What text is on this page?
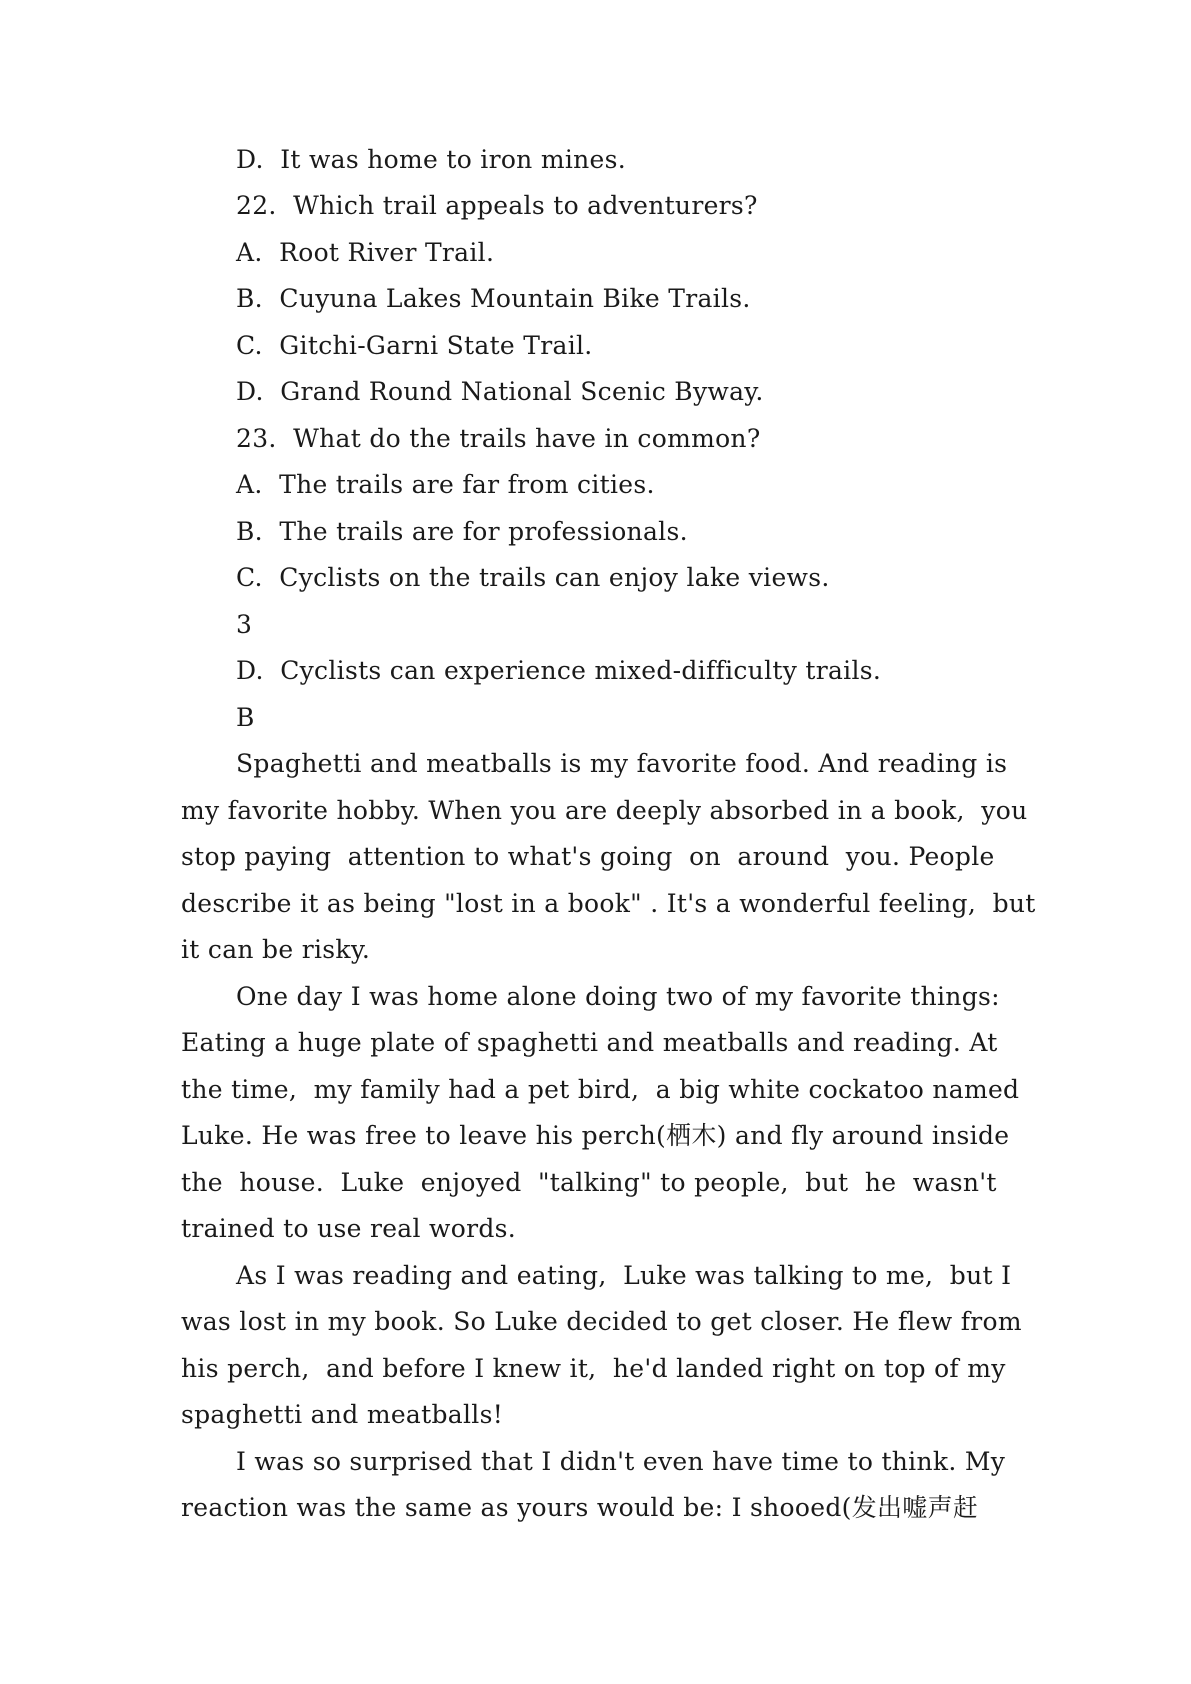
D.  It was home to iron mines.
22.  Which trail appeals to adventurers?
A.  Root River Trail.
B.  Cuyuna Lakes Mountain Bike Trails.
C.  Gitchi-Garni State Trail.
D.  Grand Round National Scenic Byway.
23.  What do the trails have in common?
A.  The trails are far from cities.
B.  The trails are for professionals.
C.  Cyclists on the trails can enjoy lake views.
3
D.  Cyclists can experience mixed-difficulty trails.
B
Spaghetti and meatballs is my favorite food. And reading is
my favorite hobby. When you are deeply absorbed in a book,  you
stop paying  attention to what's going  on  around  you. People
describe it as being "lost in a book" . It's a wonderful feeling,  but
it can be risky.
One day I was home alone doing two of my favorite things:
Eating a huge plate of spaghetti and meatballs and reading. At
the time,  my family had a pet bird,  a big white cockatoo named
Luke. He was free to leave his perch(栖木) and fly around inside
the  house.  Luke  enjoyed  "talking" to people,  but  he  wasn't
trained to use real words.
As I was reading and eating,  Luke was talking to me,  but I
was lost in my book. So Luke decided to get closer. He flew from
his perch,  and before I knew it,  he'd landed right on top of my
spaghetti and meatballs!
I was so surprised that I didn't even have time to think. My
reaction was the same as yours would be: I shooed(发出嘘声赶
